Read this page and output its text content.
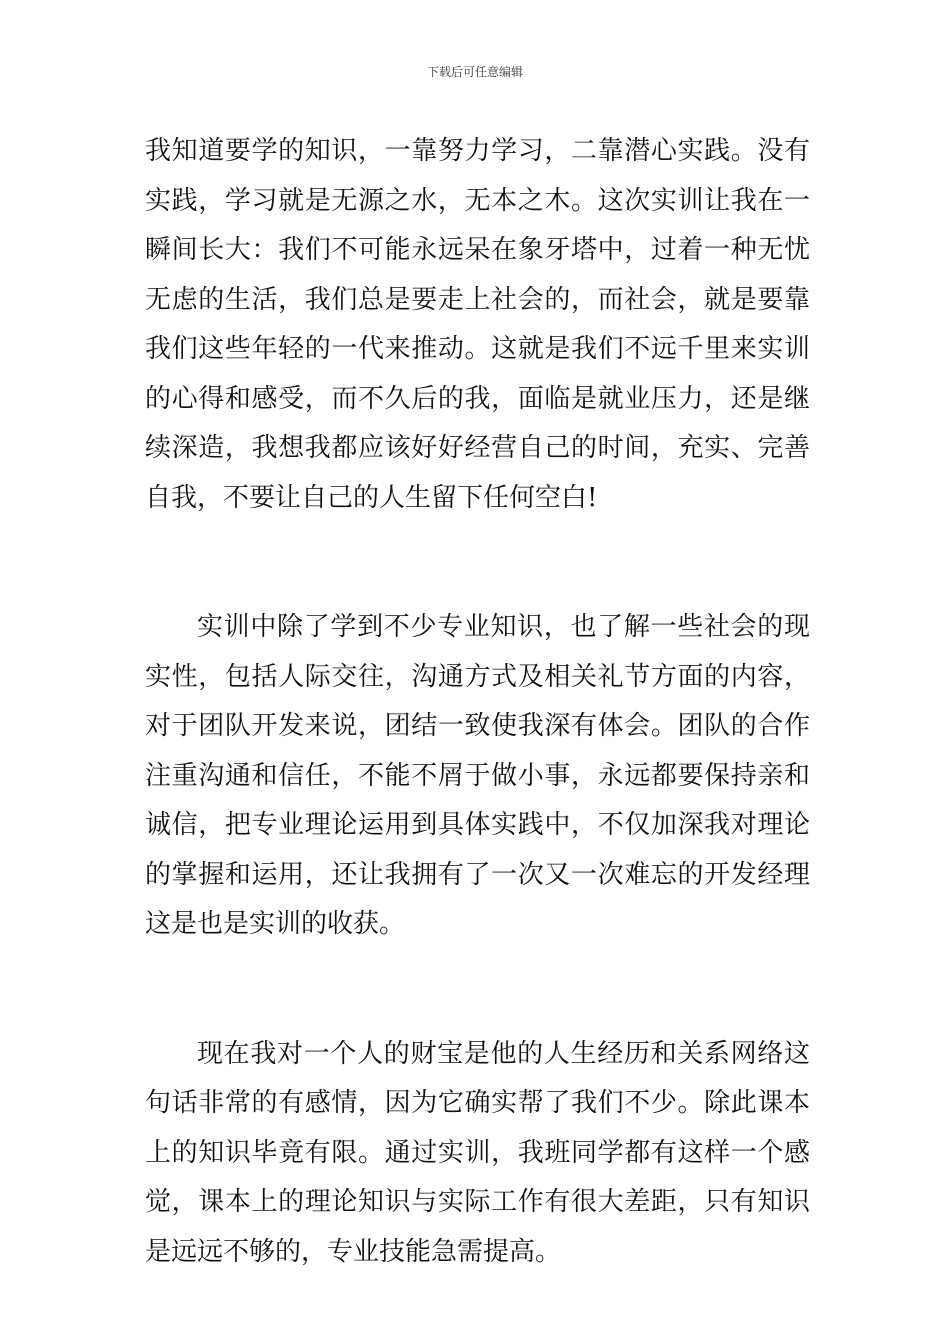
下载后可任意编辑

我知道要学的知识，一靠努力学习，二靠潜心实践。没有实践，学习就是无源之水，无本之木。这次实训让我在一瞬间长大：我们不可能永远呆在象牙塔中，过着一种无忧无虑的生活，我们总是要走上社会的，而社会，就是要靠我们这些年轻的一代来推动。这就是我们不远千里来实训的心得和感受，而不久后的我，面临是就业压力，还是继续深造，我想我都应该好好经营自己的时间，充实、完善自我，不要让自己的人生留下任何空白!

实训中除了学到不少专业知识，也了解一些社会的现实性，包括人际交往，沟通方式及相关礼节方面的内容，对于团队开发来说，团结一致使我深有体会。团队的合作注重沟通和信任，不能不屑于做小事，永远都要保持亲和诚信，把专业理论运用到具体实践中，不仅加深我对理论的掌握和运用，还让我拥有了一次又一次难忘的开发经理这是也是实训的收获。

现在我对一个人的财宝是他的人生经历和关系网络这句话非常的有感情，因为它确实帮了我们不少。除此课本上的知识毕竟有限。通过实训，我班同学都有这样一个感觉，课本上的理论知识与实际工作有很大差距，只有知识是远远不够的，专业技能急需提高。
